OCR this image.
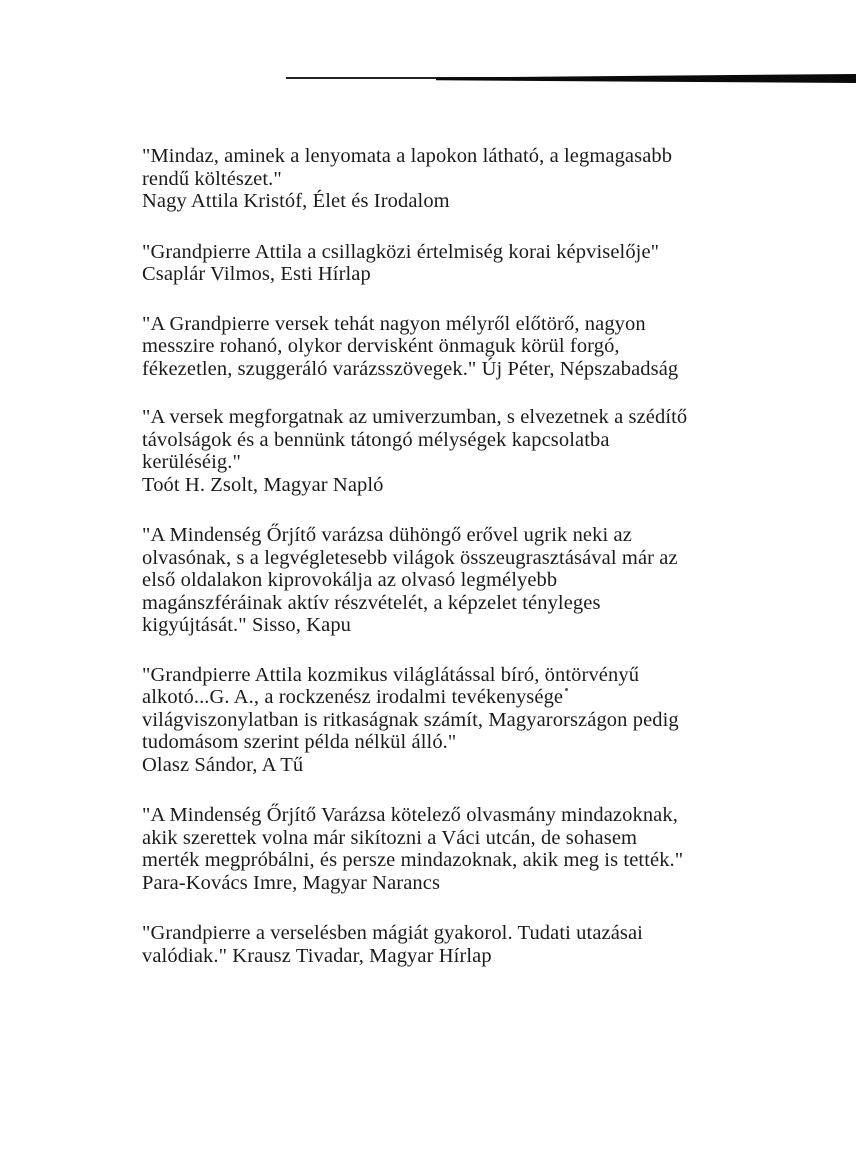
"Mindaz, aminek a lenyomata a lapokon látható, a legmagasabb
rendű költészet."
Nagy Attila Kristóf, Élet és Irodalom
"Grandpierre Attila a csillagközi értelmiség korai képviselője"
Csaplár Vilmos, Esti Hírlap
"A Grandpierre versek tehát nagyon mélyről előtörő, nagyon
messzire rohanó, olykor dervisként önmaguk körül forgó,
fékezetlen, szuggeráló varázsszövegek." Új Péter, Népszabadság
"A versek megforgatnak az umiverzumban, s elvezetnek a szédítő
távolságok és a bennünk tátongó mélységek kapcsolatba
kerüléséig."
Toót H. Zsolt, Magyar Napló
"A Mindenség Őrjítő varázsa dühöngő erővel ugrik neki az
olvasónak, s a legvégletesebb világok összeugrasztásával már az
első oldalakon kiprovokálja az olvasó legmélyebb
magánszféráinak aktív részvételét, a képzelet tényleges
kigyújtását." Sisso, Kapu
"Grandpierre Attila kozmikus világlátással bíró, öntörvényű
alkotó...G. A., a rockzenész irodalmi tevékenysége
világviszonylatban is ritkaságnak számít, Magyarországon pedig
tudomásom szerint példa nélkül álló."
Olasz Sándor, A Tű
"A Mindenség Őrjítő Varázsa kötelező olvasmány mindazoknak,
akik szerettek volna már sikítozni a Váci utcán, de sohasem
merték megpróbálni, és persze mindazoknak, akik meg is tették."
Para-Kovács Imre, Magyar Narancs
"Grandpierre a verselésben mágiát gyakorol. Tudati utazásai
valódiak." Krausz Tivadar, Magyar Hírlap
